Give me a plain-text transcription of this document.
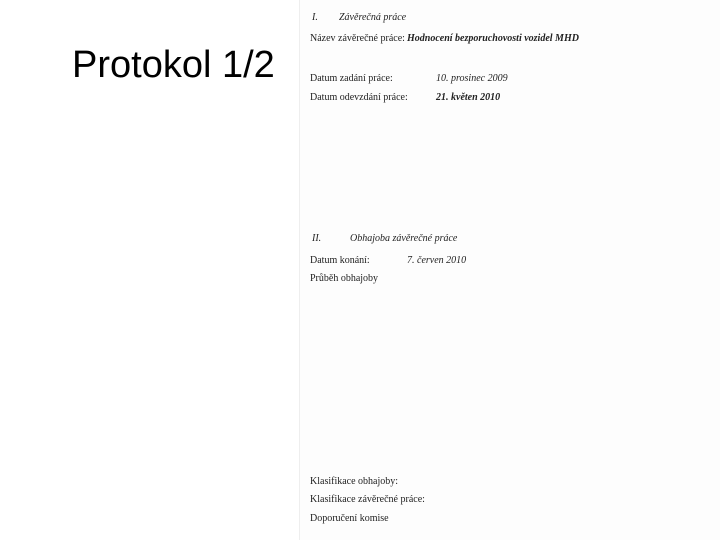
Protokol 1/2
I. Závěrečná práce
Název závěrečné práce: Hodnocení bezporuchovosti vozidel MHD
Datum zadání práce:	10. prosinec 2009
Datum odevzdání práce:	21. květen 2010
II.	Obhajoba závěrečné práce
Datum konání:	7. červen 2010
Průběh obhajoby
Klasifikace obhajoby:
Klasifikace závěrečné práce:
Doporučení komise
